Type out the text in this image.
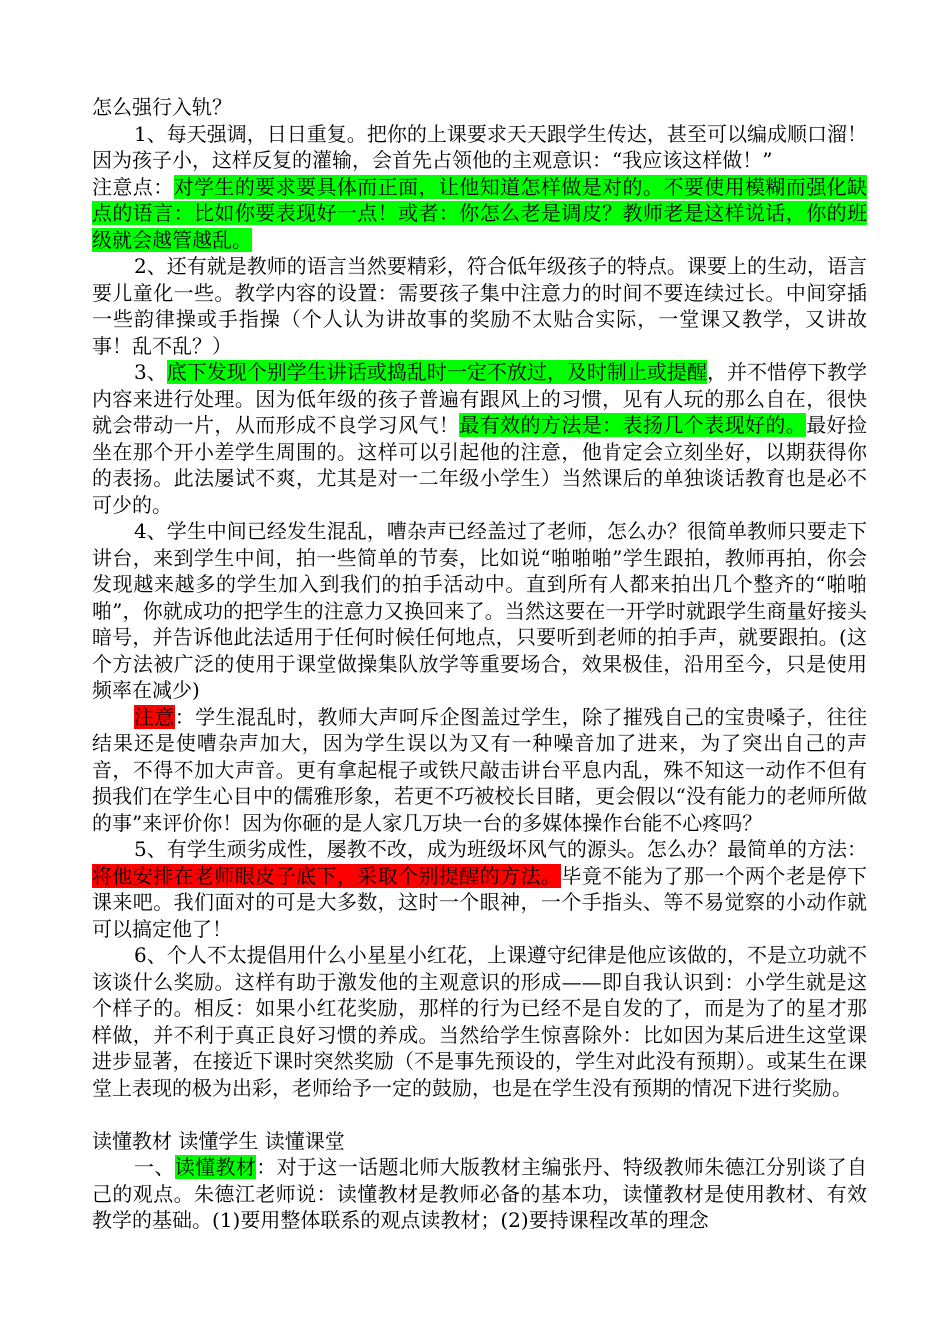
怎么强行入轨？

1、每天强调，日日重复。把你的上课要求天天跟学生传达，甚至可以编成顺口溜！因为孩子小，这样反复的灌输，会首先占领他的主观意识：“我应该这样做！”

注意点：对学生的要求要具体而正面，让他知道怎样做是对的。不要使用模糊而强化缺点的语言：比如你要表现好一点！或者：你怎么老是调皮？教师老是这样说话，你的班级就会越管越乱。

2、还有就是教师的语言当然要精彩，符合低年级孩子的特点。课要上的生动，语言要儿童化一些。教学内容的设置：需要孩子集中注意力的时间不要连续过长。中间穿插一些韵律操或手指操（个人认为讲故事的奖励不太贴合实际，一堂课又教学，又讲故事！乱不乱？）

3、底下发现个别学生讲话或捣乱时一定不放过，及时制止或提醒，并不惜停下教学内容来进行处理。因为低年级的孩子普遍有跟风上的习惯，见有人玩的那么自在，很快就会带动一片，从而形成不良学习风气！最有效的方法是：表扬几个表现好的。最好捡坐在那个开小差学生周围的。这样可以引起他的注意，他肯定会立刻坐好，以期获得你的表扬。此法屡试不爽，尤其是对一二年级小学生）当然课后的单独谈话教育也是必不可少的。

4、学生中间已经发生混乱，嘈杂声已经盖过了老师，怎么办？很简单教师只要走下讲台，来到学生中间，拍一些简单的节奏，比如说“啪啪啪”学生跟拍，教师再拍，你会发现越来越多的学生加入到我们的拍手活动中。直到所有人都来拍出几个整齐的“啪啪啪”，你就成功的把学生的注意力又换回来了。当然这要在一开学时就跟学生商量好接头暗号，并告诉他此法适用于任何时候任何地点，只要听到老师的拍手声，就要跟拍。(这个方法被广泛的使用于课堂做操集队放学等重要场合，效果极佳，沿用至今，只是使用频率在减少)

注意：学生混乱时，教师大声呵斥企图盖过学生，除了摧残自己的宝贵嗓子，往往结果还是使嘈杂声加大，因为学生误以为又有一种噪音加了进来，为了突出自己的声音，不得不加大声音。更有拿起棍子或铁尺敲击讲台平息内乱，殊不知这一动作不但有损我们在学生心目中的儒雅形象，若更不巧被校长目睹，更会假以“没有能力的老师所做的事”来评价你！因为你砸的是人家几万块一台的多媒体操作台能不心疼吗？

5、有学生顽劣成性，屡教不改，成为班级坏风气的源头。怎么办？最简单的方法：将他安排在老师眼皮子底下，采取个别提醒的方法。毕竟不能为了那一个两个老是停下课来吧。我们面对的可是大多数，这时一个眼神，一个手指头、等不易觉察的小动作就可以搞定他了！

6、个人不太提倡用什么小星星小红花，上课遵守纪律是他应该做的，不是立功就不该谈什么奖励。这样有助于激发他的主观意识的形成——即自我认识到：小学生就是这个样子的。相反：如果小红花奖励，那样的行为已经不是自发的了，而是为了的星才那样做，并不利于真正良好习惯的养成。当然给学生惊喜除外：比如因为某后进生这堂课进步显著，在接近下课时突然奖励（不是事先预设的，学生对此没有预期）。或某生在课堂上表现的极为出彩，老师给予一定的鼓励，也是在学生没有预期的情况下进行奖励。

读懂教材 读懂学生 读懂课堂

一、读懂教材：对于这一话题北师大版教材主编张丹、特级教师朱德江分别谈了自己的观点。朱德江老师说：读懂教材是教师必备的基本功，读懂教材是使用教材、有效教学的基础。(1)要用整体联系的观点读教材；(2)要持课程改革的理念
